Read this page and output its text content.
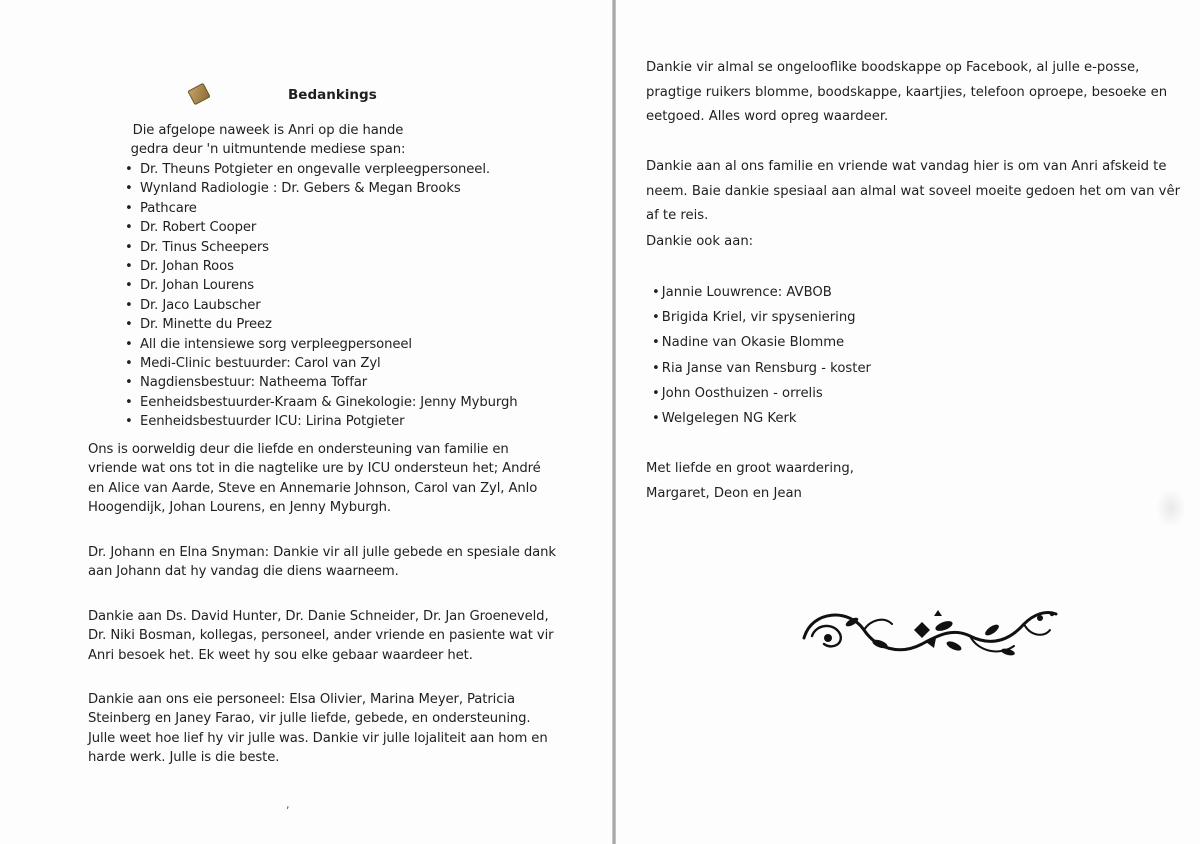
Bedankings
Die afgelope naweek is Anri op die hande gedra deur 'n uitmuntende mediese span:
• Dr. Theuns Potgieter en ongevalle verpleegpersoneel.
• Wynland Radiologie : Dr. Gebers & Megan Brooks
• Pathcare
• Dr. Robert Cooper
• Dr. Tinus Scheepers
• Dr. Johan Roos
• Dr. Johan Lourens
• Dr. Jaco Laubscher
• Dr. Minette du Preez
• All die intensiewe sorg verpleegpersoneel
• Medi-Clinic bestuurder: Carol van Zyl
• Nagdiensbestuur: Natheema Toffar
• Eenheidsbestuurder-Kraam & Ginekologie: Jenny Myburgh
• Eenheidsbestuurder ICU: Lirina Potgieter

Ons is oorweldig deur die liefde en ondersteuning van familie en vriende wat ons tot in die nagtelike ure by ICU ondersteun het; André en Alice van Aarde, Steve en Annemarie Johnson, Carol van Zyl, Anlo Hoogendijk, Johan Lourens, en Jenny Myburgh.

Dr. Johann en Elna Snyman: Dankie vir all julle gebede en spesiale dank aan Johann dat hy vandag die diens waarneem.

Dankie aan Ds. David Hunter, Dr. Danie Schneider, Dr. Jan Groeneveld, Dr. Niki Bosman, kollegas, personeel, ander vriende en pasiente wat vir Anri besoek het. Ek weet hy sou elke gebaar waardeer het.

Dankie aan ons eie personeel: Elsa Olivier, Marina Meyer, Patricia Steinberg en Janey Farao, vir julle liefde, gebede, en ondersteuning. Julle weet hoe lief hy vir julle was. Dankie vir julle lojaliteit aan hom en harde werk. Julle is die beste.

,

Dankie vir almal se ongelooflike boodskappe op Facebook, al julle e-posse, pragtige ruikers blomme, boodskappe, kaartjies, telefoon oproepe, besoeke en eetgoed. Alles word opreg waardeer.

Dankie aan al ons familie en vriende wat vandag hier is om van Anri afskeid te neem. Baie dankie spesiaal aan almal wat soveel moeite gedoen het om van vêr af te reis.

Dankie ook aan:

• Jannie Louwrence: AVBOB
• Brigida Kriel, vir spyseniering
• Nadine van Okasie Blomme
• Ria Janse van Rensburg - koster
• John Oosthuizen - orrelis
• Welgelegen NG Kerk
Met liefde en groot waardering,
Margaret, Deon en Jean
